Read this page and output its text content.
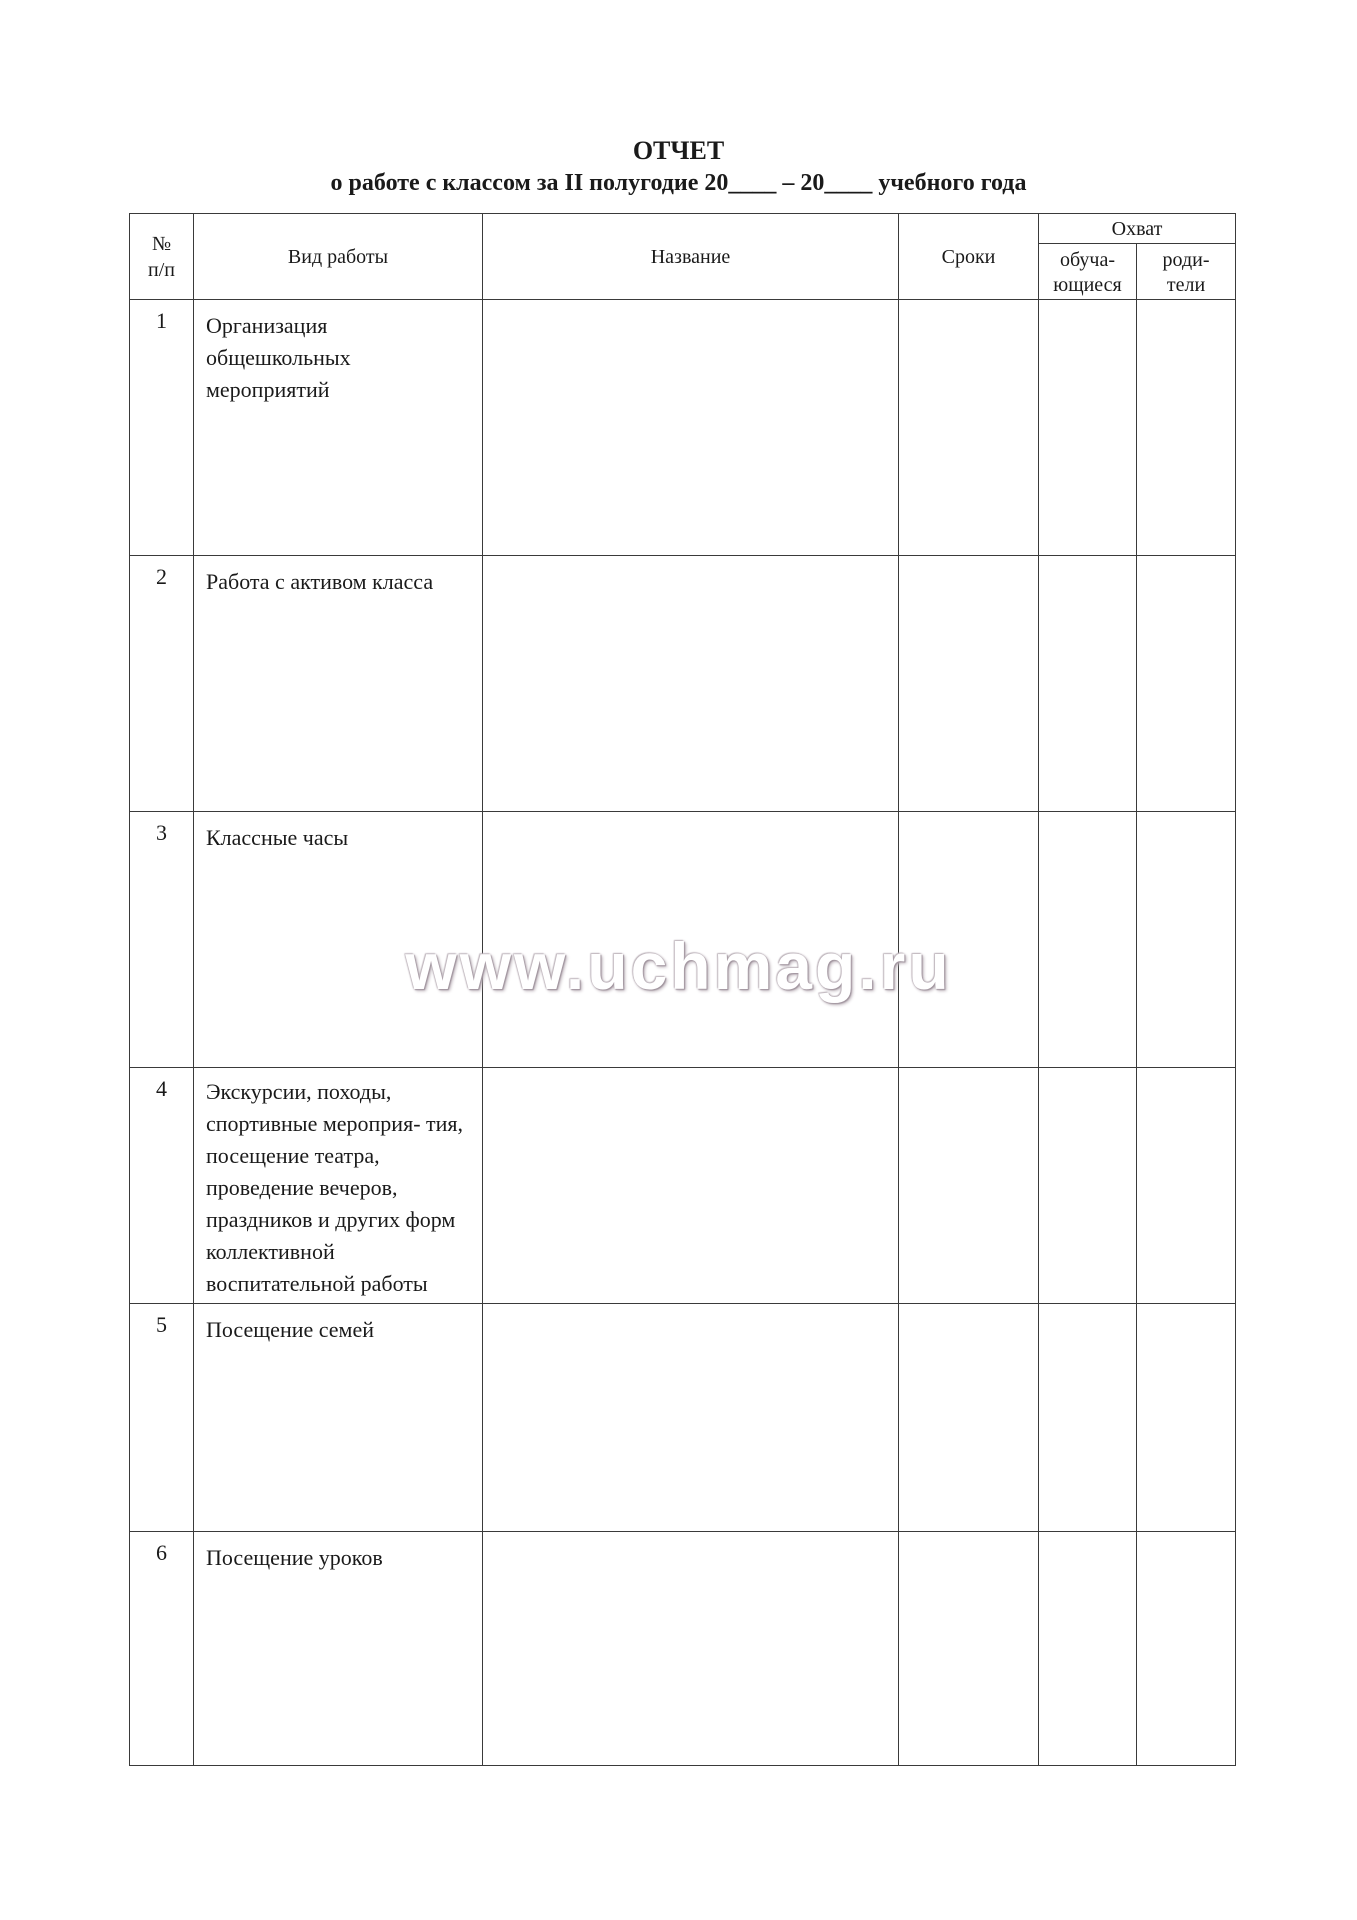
ОТЧЕТ
о работе с классом за II полугодие 20____ – 20____ учебного года
№ п/п	Вид работы	Название	Сроки	Охват	
				обуча- ющиеся	роди- тели
1	Организация общешкольных мероприятий				
2	Работа с активом класса				
3	Классные часы				
4	Экскурсии, походы, спортивные мероприя- тия, посещение театра, проведение вечеров, праздников и других форм коллективной воспитательной работы				
5	Посещение семей				
6	Посещение уроков				
www.uchmag.ru
